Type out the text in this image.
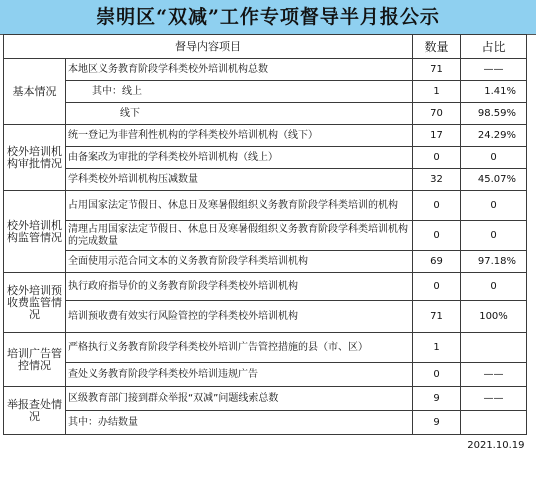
崇明区“双减”工作专项督导半月报公示
督导内容项目		数量	占比
基本情况	本地区义务教育阶段学科类校外培训机构总数	71	——
	其中：线上	1	1.41%
	线下	70	98.59%
校外培训机构审批情况	统一登记为非营利性机构的学科类校外培训机构（线下）	17	24.29%
	由备案改为审批的学科类校外培训机构（线上）	0	0
	学科类校外培训机构压减数量	32	45.07%
校外培训机构监管情况	占用国家法定节假日、休息日及寒暑假组织义务教育阶段学科类培训的机构	0	0
	清理占用国家法定节假日、休息日及寒暑假组织义务教育阶段学科类培训机构的完成数量	0	0
	全面使用示范合同文本的义务教育阶段学科类培训机构	69	97.18%
校外培训预收费监管情况	执行政府指导价的义务教育阶段学科类校外培训机构	0	0
	培训预收费有效实行风险管控的学科类校外培训机构	71	100%
培训广告管控情况	严格执行义务教育阶段学科类校外培训广告管控措施的县（市、区）	1	
	查处义务教育阶段学科类校外培训违规广告	0	——
举报查处情况	区级教育部门接到群众举报“双减”问题线索总数	9	——
	其中：办结数量	9	
2021.10.19			
